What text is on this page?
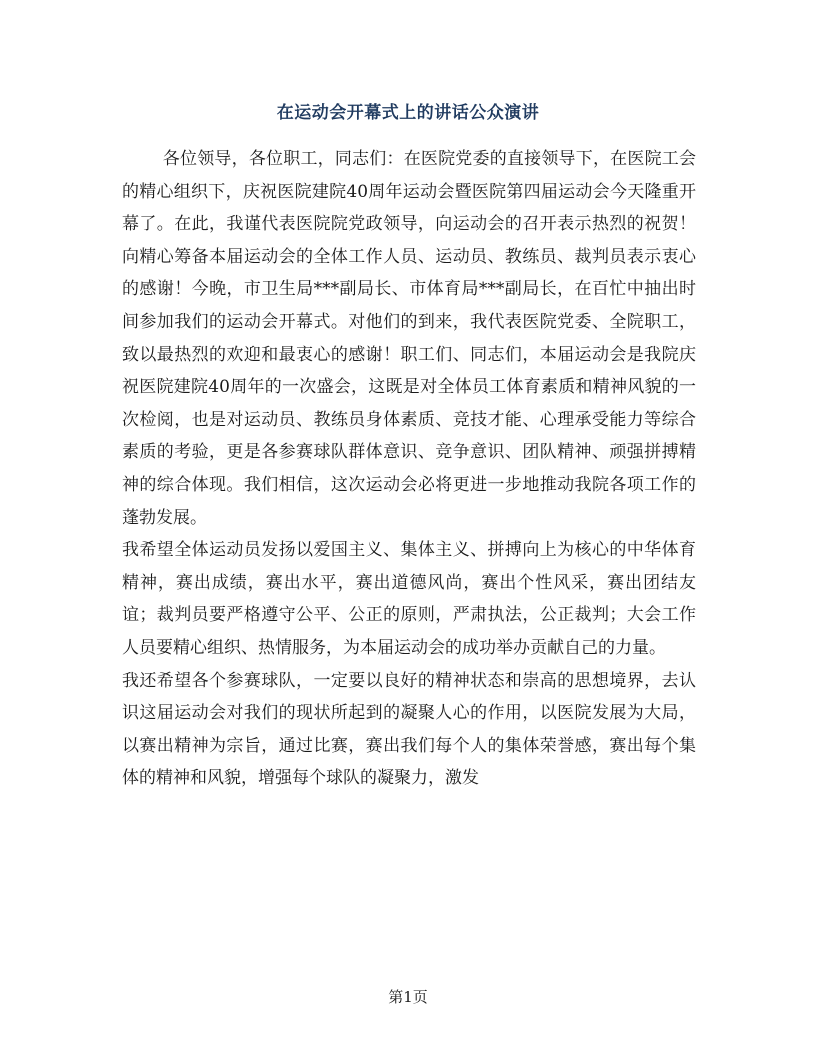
在运动会开幕式上的讲话公众演讲

各位领导，各位职工，同志们：在医院党委的直接领导下，在医院工会的精心组织下，庆祝医院建院40周年运动会暨医院第四届运动会今天隆重开幕了。在此，我谨代表医院院党政领导，向运动会的召开表示热烈的祝贺！向精心筹备本届运动会的全体工作人员、运动员、教练员、裁判员表示衷心的感谢！今晚，市卫生局***副局长、市体育局***副局长，在百忙中抽出时间参加我们的运动会开幕式。对他们的到来，我代表医院党委、全院职工，致以最热烈的欢迎和最衷心的感谢！职工们、同志们，本届运动会是我院庆祝医院建院40周年的一次盛会，这既是对全体员工体育素质和精神风貌的一次检阅，也是对运动员、教练员身体素质、竞技才能、心理承受能力等综合素质的考验，更是各参赛球队群体意识、竞争意识、团队精神、顽强拼搏精神的综合体现。我们相信，这次运动会必将更进一步地推动我院各项工作的蓬勃发展。

我希望全体运动员发扬以爱国主义、集体主义、拼搏向上为核心的中华体育精神，赛出成绩，赛出水平，赛出道德风尚，赛出个性风采，赛出团结友谊；裁判员要严格遵守公平、公正的原则，严肃执法，公正裁判；大会工作人员要精心组织、热情服务，为本届运动会的成功举办贡献自己的力量。

我还希望各个参赛球队，一定要以良好的精神状态和崇高的思想境界，去认识这届运动会对我们的现状所起到的凝聚人心的作用，以医院发展为大局，以赛出精神为宗旨，通过比赛，赛出我们每个人的集体荣誉感，赛出每个集体的精神和风貌，增强每个球队的凝聚力，激发

第1页
